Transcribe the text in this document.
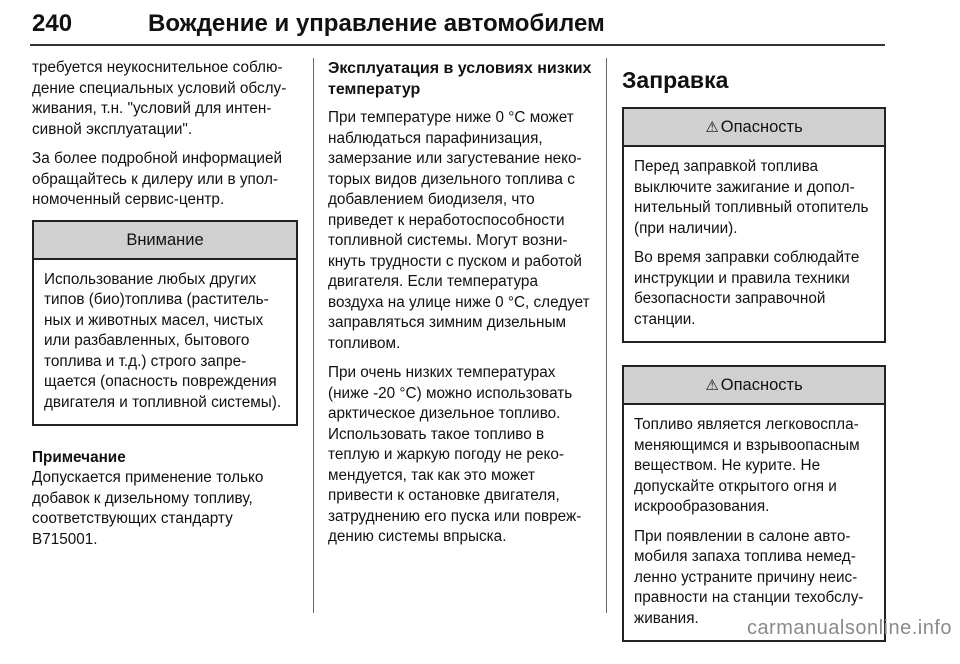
240	Вождение и управление автомобилем

требуется неукоснительное соблюдение специальных условий обслуживания, т.н. "условий для интенсивной эксплуатации".

За более подробной информацией обращайтесь к дилеру или в уполномоченный сервис-центр.

Внимание

Использование любых других типов (био)топлива (растительных и животных масел, чистых или разбавленных, бытового топлива и т.д.) строго запрещается (опасность повреждения двигателя и топливной системы).

Примечание
Допускается применение только добавок к дизельному топливу, соответствующих стандарту B715001.
Эксплуатация в условиях низких температур

При температуре ниже 0 °C может наблюдаться парафинизация, замерзание или загустевание некоторых видов дизельного топлива с добавлением биодизеля, что приведет к неработоспособности топливной системы. Могут возникнуть трудности с пуском и работой двигателя. Если температура воздуха на улице ниже 0 °C, следует заправляться зимним дизельным топливом.

При очень низких температурах (ниже -20 °C) можно использовать арктическое дизельное топливо. Использовать такое топливо в теплую и жаркую погоду не рекомендуется, так как это может привести к остановке двигателя, затруднению его пуска или повреждению системы впрыска.

Заправка
⚠ Опасность

Перед заправкой топлива выключите зажигание и дополнительный топливный отопитель (при наличии).

Во время заправки соблюдайте инструкции и правила техники безопасности заправочной станции.

⚠ Опасность

Топливо является легковоспламеняющимся и взрывоопасным веществом. Не курите. Не допускайте открытого огня и искрообразования.

При появлении в салоне автомобиля запаха топлива немедленно устраните причину неисправности на станции техобслуживания.	carmanualsonline.info
